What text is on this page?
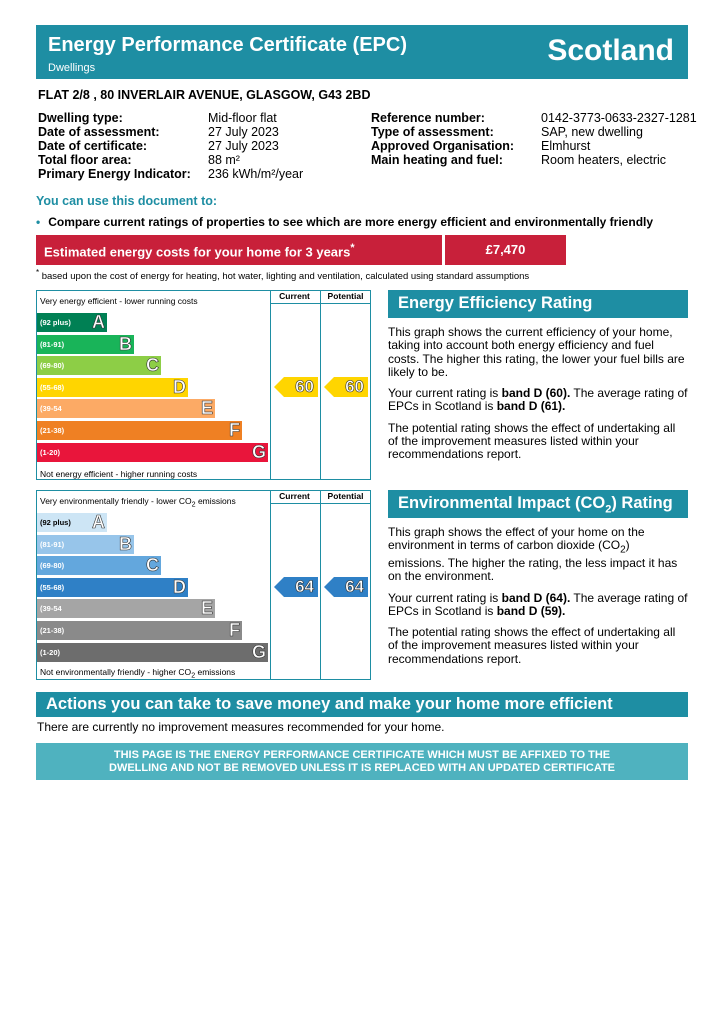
Energy Performance Certificate (EPC)
Dwellings
Scotland
FLAT 2/8 , 80 INVERLAIR AVENUE, GLASGOW, G43 2BD
Dwelling type:	Mid-floor flat
Date of assessment:	27 July 2023
Date of certificate:	27 July 2023
Total floor area:	88 m²
Primary Energy Indicator: 236 kWh/m²/year
Reference number:	0142-3773-0633-2327-1281
Type of assessment:	SAP, new dwelling
Approved Organisation: Elmhurst
Main heating and fuel:	Room heaters, electric
You can use this document to:
• Compare current ratings of properties to see which are more energy efficient and environmentally friendly
Estimated energy costs for your home for 3 years*	£7,470
* based upon the cost of energy for heating, hot water, lighting and ventilation, calculated using standard assumptions
Very energy efficient - lower running costs	Current	Potential
(92 plus) A
(81-91)	B
(69-80)	C
(55-68)	D
(39-54	E
(21-38)	F
(1-20)	G
Not energy efficient - higher running costs
60 60
Very environmentally friendly - lower $CO_2$ emissions	Current	Potential
(92 plus) A
(81-91)	B
(69-80)	C
(55-68)	D
(39-54	E
(21-38)	F
(1-20)	G
Not environmentally friendly - higher $CO_2$ emissions
64 64
Energy Efficiency Rating

This graph shows the current efficiency of your home, taking into account both energy efficiency and fuel costs. The higher this rating, the lower your fuel bills are likely to be.

Your current rating is band D (60). The average rating of EPCs in Scotland is band D (61).

The potential rating shows the effect of undertaking all of the improvement measures listed within your recommendations report.

Environmental Impact $(CO_2)$ Rating

This graph shows the effect of your home on the environment in terms of carbon dioxide $(CO_2)$ emissions. The higher the rating, the less impact it has on the environment.

Your current rating is band D (64). The average rating of EPCs in Scotland is band D (59).

The potential rating shows the effect of undertaking all of the improvement measures listed within your recommendations report.

Actions you can take to save money and make your home more efficient
There are currently no improvement measures recommended for your home.
THIS PAGE IS THE ENERGY PERFORMANCE CERTIFICATE WHICH MUST BE AFFIXED TO THE
DWELLING AND NOT BE REMOVED UNLESS IT IS REPLACED WITH AN UPDATED CERTIFICATE
